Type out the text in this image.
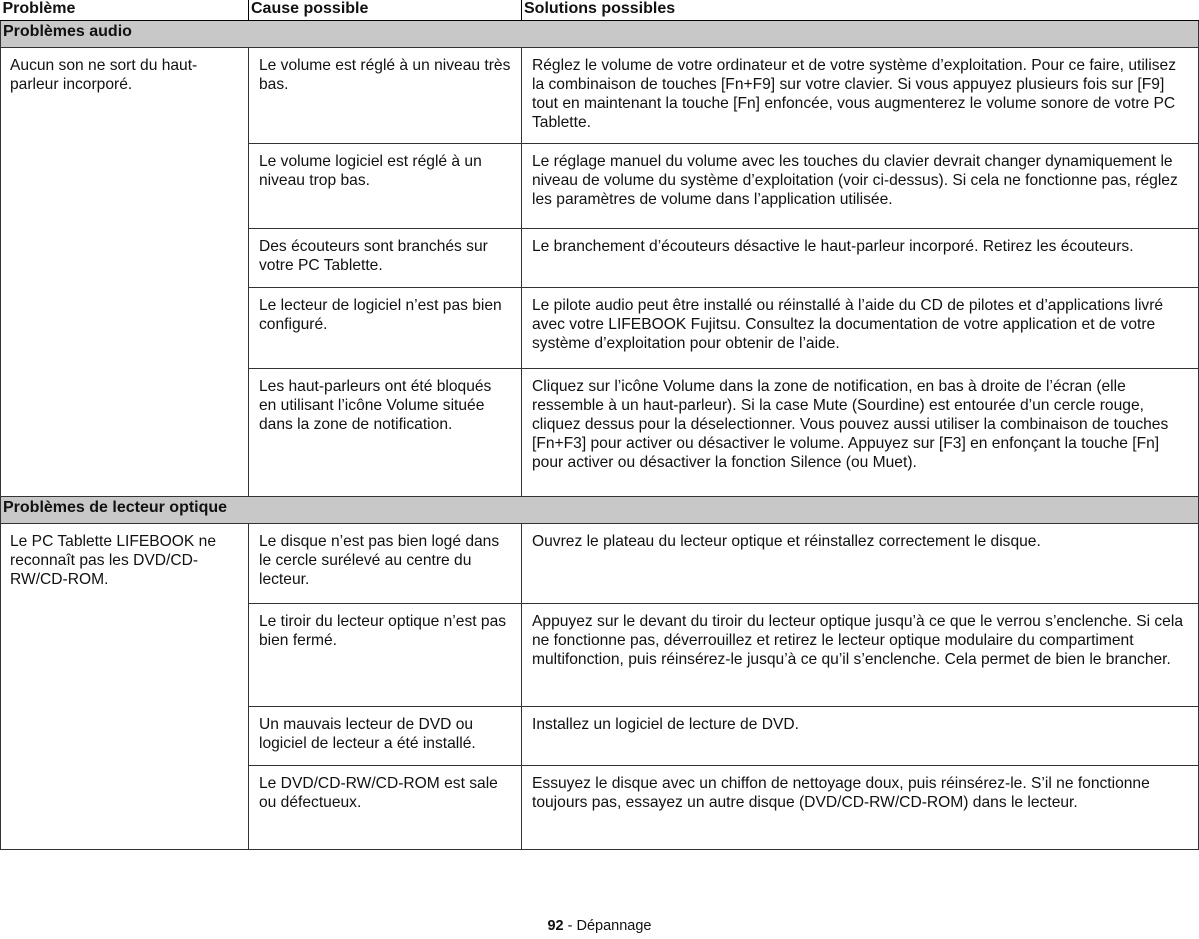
Problème	Cause possible	Solutions possibles
Problèmes audio		
Aucun son ne sort du haut-parleur incorporé.	Le volume est réglé à un niveau très bas.	Réglez le volume de votre ordinateur et de votre système d’exploitation. Pour ce faire, utilisez la combinaison de touches [Fn+F9] sur votre clavier. Si vous appuyez plusieurs fois sur [F9] tout en maintenant la touche [Fn] enfoncée, vous augmenterez le volume sonore de votre PC Tablette.
	Le volume logiciel est réglé à un niveau trop bas.	Le réglage manuel du volume avec les touches du clavier devrait changer dynamiquement le niveau de volume du système d’exploitation (voir ci-dessus). Si cela ne fonctionne pas, réglez les paramètres de volume dans l’application utilisée.
	Des écouteurs sont branchés sur votre PC Tablette.	Le branchement d’écouteurs désactive le haut-parleur incorporé. Retirez les écouteurs.
	Le lecteur de logiciel n’est pas bien configuré.	Le pilote audio peut être installé ou réinstallé à l’aide du CD de pilotes et d’applications livré avec votre LIFEBOOK Fujitsu. Consultez la documentation de votre application et de votre système d’exploitation pour obtenir de l’aide.
	Les haut-parleurs ont été bloqués en utilisant l’icône Volume située dans la zone de notification.	Cliquez sur l’icône Volume dans la zone de notification, en bas à droite de l’écran (elle ressemble à un haut-parleur). Si la case Mute (Sourdine) est entourée d’un cercle rouge, cliquez dessus pour la déselectionner. Vous pouvez aussi utiliser la combinaison de touches [Fn+F3] pour activer ou désactiver le volume. Appuyez sur [F3] en enfonçant la touche [Fn] pour activer ou désactiver la fonction Silence (ou Muet).
Problèmes de lecteur optique		
Le PC Tablette LIFEBOOK ne reconnaît pas les DVD/CD-RW/CD-ROM.	Le disque n’est pas bien logé dans le cercle surélevé au centre du lecteur.	Ouvrez le plateau du lecteur optique et réinstallez correctement le disque.
	Le tiroir du lecteur optique n’est pas bien fermé.	Appuyez sur le devant du tiroir du lecteur optique jusqu’à ce que le verrou s’enclenche. Si cela ne fonctionne pas, déverrouillez et retirez le lecteur optique modulaire du compartiment multifonction, puis réinsérez-le jusqu’à ce qu’il s’enclenche. Cela permet de bien le brancher.
	Un mauvais lecteur de DVD ou logiciel de lecteur a été installé.	Installez un logiciel de lecture de DVD.
	Le DVD/CD-RW/CD-ROM est sale ou défectueux.	Essuyez le disque avec un chiffon de nettoyage doux, puis réinsérez-le. S’il ne fonctionne toujours pas, essayez un autre disque (DVD/CD-RW/CD-ROM) dans le lecteur.
92 - Dépannage
